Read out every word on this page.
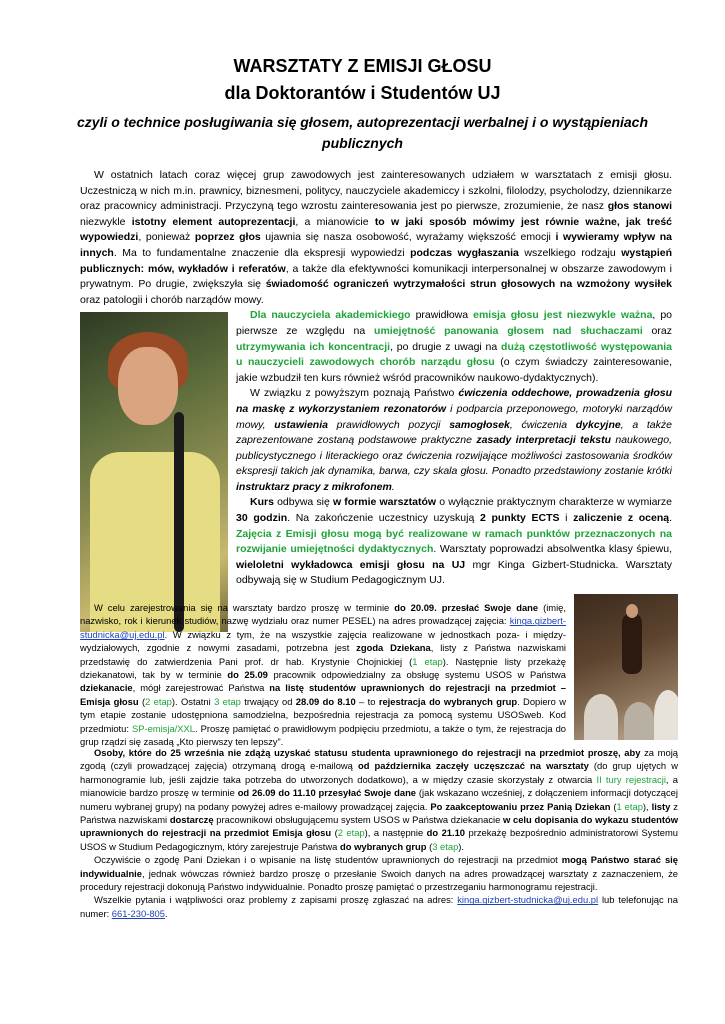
WARSZTATY Z EMISJI GŁOSU
dla Doktorantów i Studentów UJ
czyli o technice posługiwania się głosem, autoprezentacji werbalnej i o wystąpieniach publicznych

W ostatnich latach coraz więcej grup zawodowych jest zainteresowanych udziałem w warsztatach z emisji głosu. Uczestniczą w nich m.in. prawnicy, biznesmeni, politycy, nauczyciele akademiccy i szkolni, filolodzy, psycholodzy, dziennikarze oraz pracownicy administracji. Przyczyną tego wzrostu zainteresowania jest po pierwsze, zrozumienie, że nasz głos stanowi niezwykle istotny element autoprezentacji, a mianowicie to w jaki sposób mówimy jest równie ważne, jak treść wypowiedzi, ponieważ poprzez głos ujawnia się nasza osobowość, wyrażamy większość emocji i wywieramy wpływ na innych. Ma to fundamentalne znaczenie dla ekspresji wypowiedzi podczas wygłaszania wszelkiego rodzaju wystąpień publicznych: mów, wykładów i referatów, a także dla efektywności komunikacji interpersonalnej w obszarze zawodowym i prywatnym. Po drugie, zwiększyła się świadomość ograniczeń wytrzymałości strun głosowych na wzmożony wysiłek oraz patologii i chorób narządów mowy.

Dla nauczyciela akademickiego prawidłowa emisja głosu jest niezwykle ważna, po pierwsze ze względu na umiejętność panowania głosem nad słuchaczami oraz utrzymywania ich koncentracji, po drugie z uwagi na dużą częstotliwość występowania u nauczycieli zawodowych chorób narządu głosu (o czym świadczy zainteresowanie, jakie wzbudził ten kurs również wśród pracowników naukowo-dydaktycznych).

W związku z powyższym poznają Państwo ćwiczenia oddechowe, prowadzenia głosu na maskę z wykorzystaniem rezonatorów i podparcia przeponowego, motoryki narządów mowy, ustawienia prawidłowych pozycji samogłosek, ćwiczenia dykcyjne, a także zaprezentowane zostaną podstawowe praktyczne zasady interpretacji tekstu naukowego, publicystycznego i literackiego oraz ćwiczenia rozwijające możliwości zastosowania środków ekspresji takich jak dynamika, barwa, czy skala głosu. Ponadto przedstawiony zostanie krótki instruktarz pracy z mikrofonem.

Kurs odbywa się w formie warsztatów o wyłącznie praktycznym charakterze w wymiarze 30 godzin. Na zakończenie uczestnicy uzyskują 2 punkty ECTS i zaliczenie z oceną. Zajęcia z Emisji głosu mogą być realizowane w ramach punktów przeznaczonych na rozwijanie umiejętności dydaktycznych. Warsztaty poprowadzi absolwentka klasy śpiewu, wieloletni wykładowca emisji głosu na UJ mgr Kinga Gizbert-Studnicka. Warsztaty odbywają się w Studium Pedagogicznym UJ.

W celu zarejestrowania się na warsztaty bardzo proszę w terminie do 20.09. przesłać Swoje dane (imię, nazwisko, rok i kierunek studiów, nazwę wydziału oraz numer PESEL) na adres prowadzącej zajęcia: kinga.gizbert-studnicka@uj.edu.pl. W związku z tym, że na wszystkie zajęcia realizowane w jednostkach poza- i między-wydziałowych, zgodnie z nowymi zasadami, potrzebna jest zgoda Dziekana, listy z Państwa nazwiskami przedstawię do zatwierdzenia Pani prof. dr hab. Krystynie Chojnickiej (1 etap). Następnie listy przekażę dziekanatowi, tak by w terminie do 25.09 pracownik odpowiedzialny za obsługę systemu USOS w Państwa dziekanacie, mógł zarejestrować Państwa na listę studentów uprawnionych do rejestracji na przedmiot – Emisja głosu (2 etap). Ostatni 3 etap trwający od 28.09 do 8.10 – to rejestracja do wybranych grup. Dopiero w tym etapie zostanie udostępniona samodzielna, bezpośrednia rejestracja za pomocą systemu USOSweb. Kod przedmiotu: SP-emisja/XXL. Proszę pamiętać o prawidłowym podpięciu przedmiotu, a także o tym, że rejestracja do grup rządzi się zasadą „Kto pierwszy ten lepszy”.

Osoby, które do 25 września nie zdążą uzyskać statusu studenta uprawnionego do rejestracji na przedmiot proszę, aby za moją zgodą (czyli prowadzącej zajęcia) otrzymaną drogą e-mailową od października zaczęły uczęszczać na warsztaty (do grup ujętych w harmonogramie lub, jeśli zajdzie taka potrzeba do utworzonych dodatkowo), a w między czasie skorzystały z otwarcia II tury rejestracji, a mianowicie bardzo proszę w terminie od 26.09 do 11.10 przesyłać Swoje dane (jak wskazano wcześniej, z dołączeniem informacji dotyczącej numeru wybranej grupy) na podany powyżej adres e-mailowy prowadzącej zajęcia. Po zaakceptowaniu przez Panią Dziekan (1 etap), listy z Państwa nazwiskami dostarczę pracownikowi obsługującemu system USOS w Państwa dziekanacie w celu dopisania do wykazu studentów uprawnionych do rejestracji na przedmiot Emisja głosu (2 etap), a następnie do 21.10 przekażę bezpośrednio administratorowi Systemu USOS w Studium Pedagogicznym, który zarejestruje Państwa do wybranych grup (3 etap).

Oczywiście o zgodę Pani Dziekan i o wpisanie na listę studentów uprawnionych do rejestracji na przedmiot mogą Państwo starać się indywidualnie, jednak wówczas również bardzo proszę o przesłanie Swoich danych na adres prowadzącej warsztaty z zaznaczeniem, że procedury rejestracji dokonują Państwo indywidualnie. Ponadto proszę pamiętać o przestrzeganiu harmonogramu rejestracji.

Wszelkie pytania i wątpliwości oraz problemy z zapisami proszę zgłaszać na adres: kinga.gizbert-studnicka@uj.edu.pl lub telefonując na numer: 661-230-805.
